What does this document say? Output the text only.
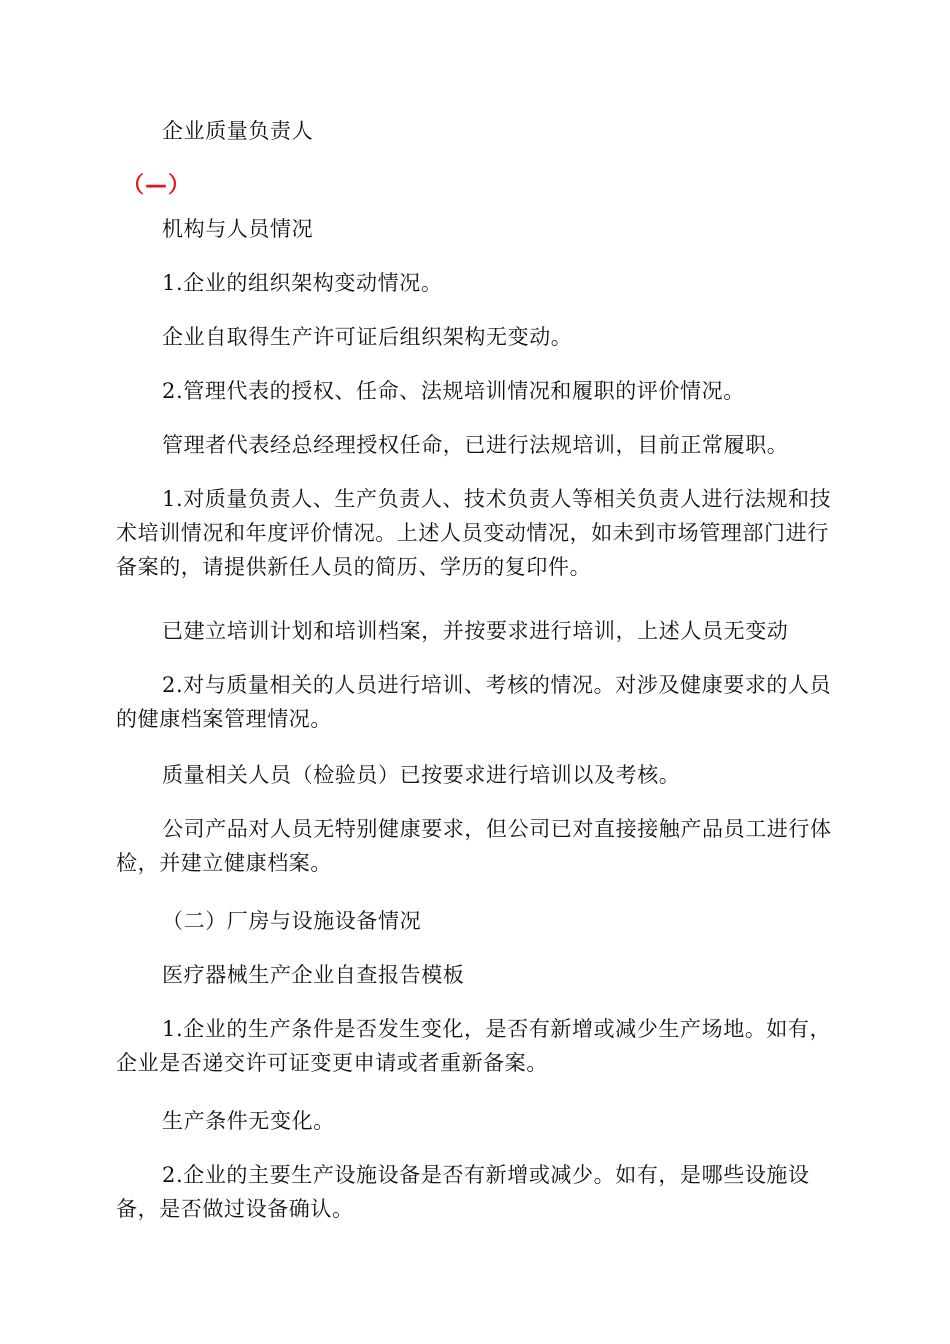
企业质量负责人

（—）

机构与人员情况

1.企业的组织架构变动情况。

企业自取得生产许可证后组织架构无变动。

2.管理代表的授权、任命、法规培训情况和履职的评价情况。

管理者代表经总经理授权任命，已进行法规培训，目前正常履职。

1.对质量负责人、生产负责人、技术负责人等相关负责人进行法规和技术培训情况和年度评价情况。上述人员变动情况，如未到市场管理部门进行备案的，请提供新任人员的简历、学历的复印件。

已建立培训计划和培训档案，并按要求进行培训，上述人员无变动

2.对与质量相关的人员进行培训、考核的情况。对涉及健康要求的人员的健康档案管理情况。

质量相关人员（检验员）已按要求进行培训以及考核。

公司产品对人员无特别健康要求，但公司已对直接接触产品员工进行体检，并建立健康档案。

（二）厂房与设施设备情况

医疗器械生产企业自查报告模板

1.企业的生产条件是否发生变化，是否有新增或减少生产场地。如有，企业是否递交许可证变更申请或者重新备案。

生产条件无变化。

2.企业的主要生产设施设备是否有新增或减少。如有，是哪些设施设备，是否做过设备确认。
